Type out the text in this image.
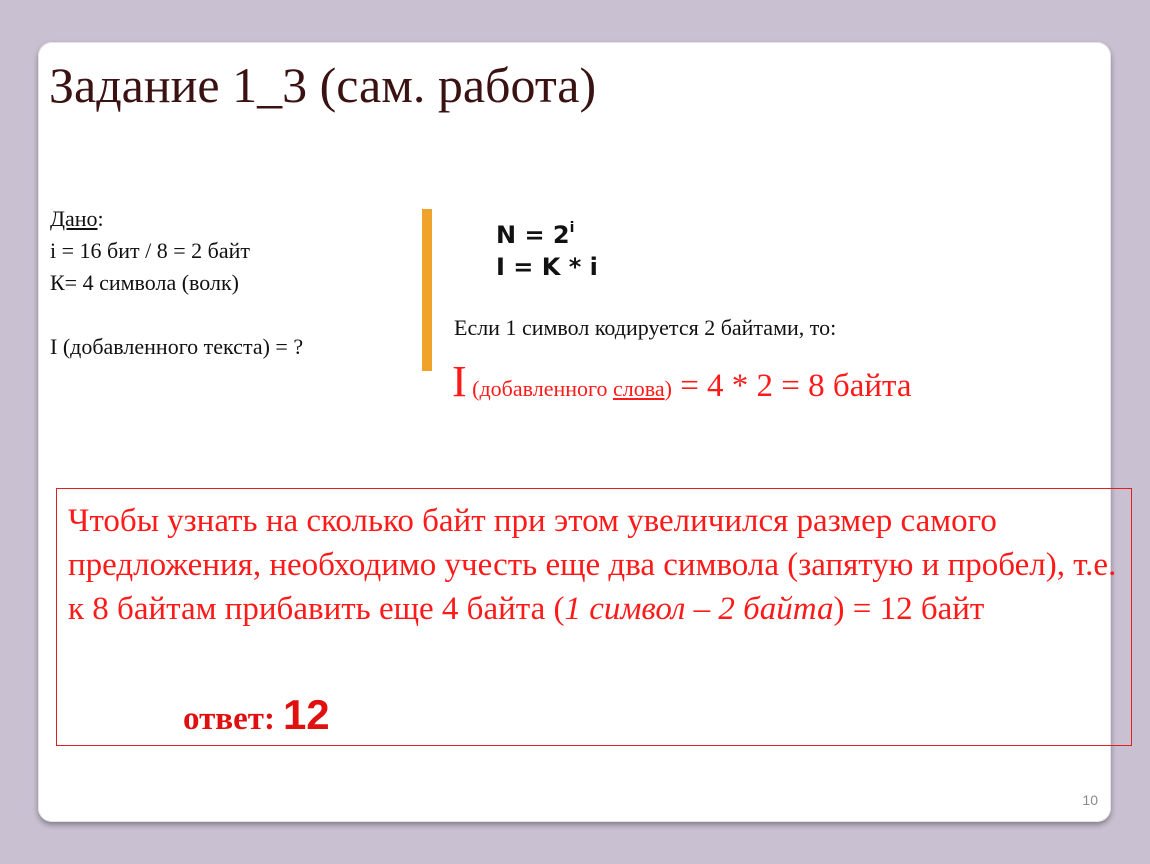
Задание 1_3 (сам. работа)
Дано:
i = 16 бит / 8 = 2 байт
К= 4 символа (волк)
I (добавленного текста) = ?
$N = 2^i$
I = K * i
Если 1 символ кодируется 2 байтами, то:
I (добавленного слова) = 4 * 2 = 8 байта
Чтобы узнать на сколько байт при этом увеличился размер самого предложения, необходимо учесть еще два символа (запятую и пробел), т.е. к 8 байтам прибавить еще 4 байта (1 символ – 2 байта) = 12 байт
ответ: 12
10
